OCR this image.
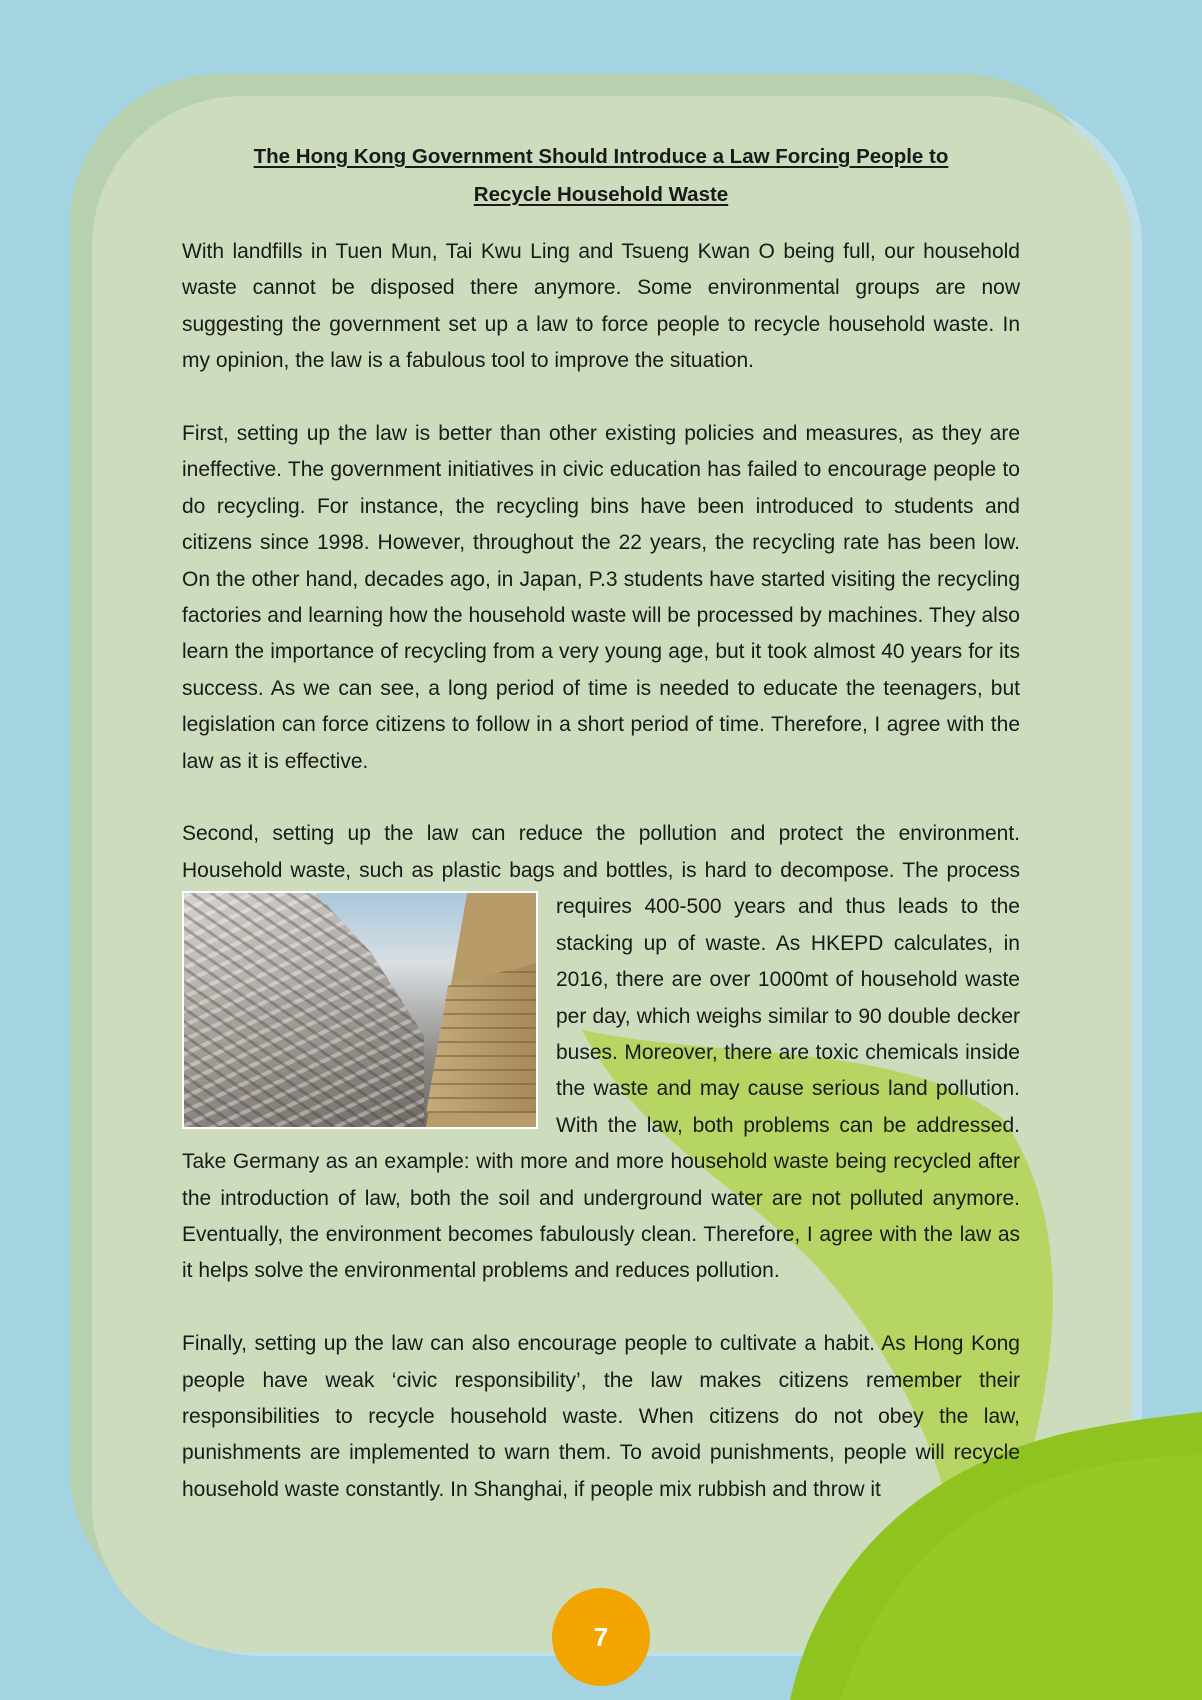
The Hong Kong Government Should Introduce a Law Forcing People to
Recycle Household Waste

With landfills in Tuen Mun, Tai Kwu Ling and Tsueng Kwan O being full, our household waste cannot be disposed there anymore. Some environmental groups are now suggesting the government set up a law to force people to recycle household waste. In my opinion, the law is a fabulous tool to improve the situation.

First, setting up the law is better than other existing policies and measures, as they are ineffective. The government initiatives in civic education has failed to encourage people to do recycling. For instance, the recycling bins have been introduced to students and citizens since 1998. However, throughout the 22 years, the recycling rate has been low. On the other hand, decades ago, in Japan, P.3 students have started visiting the recycling factories and learning how the household waste will be processed by machines. They also learn the importance of recycling from a very young age, but it took almost 40 years for its success. As we can see, a long period of time is needed to educate the teenagers, but legislation can force citizens to follow in a short period of time. Therefore, I agree with the law as it is effective.

Second, setting up the law can reduce the pollution and protect the environment. Household waste, such as plastic bags and bottles, is hard to decompose. The process requires 400-500 years and thus leads to the stacking up of waste. As HKEPD calculates, in 2016, there are over 1000mt of household waste per day, which weighs similar to 90 double decker buses. Moreover, there are toxic chemicals inside the waste and may cause serious land pollution. With the law, both problems can be addressed. Take Germany as an example: with more and more household waste being recycled after the introduction of law, both the soil and underground water are not polluted anymore. Eventually, the environment becomes fabulously clean. Therefore, I agree with the law as it helps solve the environmental problems and reduces pollution.

Finally, setting up the law can also encourage people to cultivate a habit. As Hong Kong people have weak ‘civic responsibility’, the law makes citizens remember their responsibilities to recycle household waste. When citizens do not obey the law, punishments are implemented to warn them. To avoid punishments, people will recycle household waste constantly. In Shanghai, if people mix rubbish and throw it

7
